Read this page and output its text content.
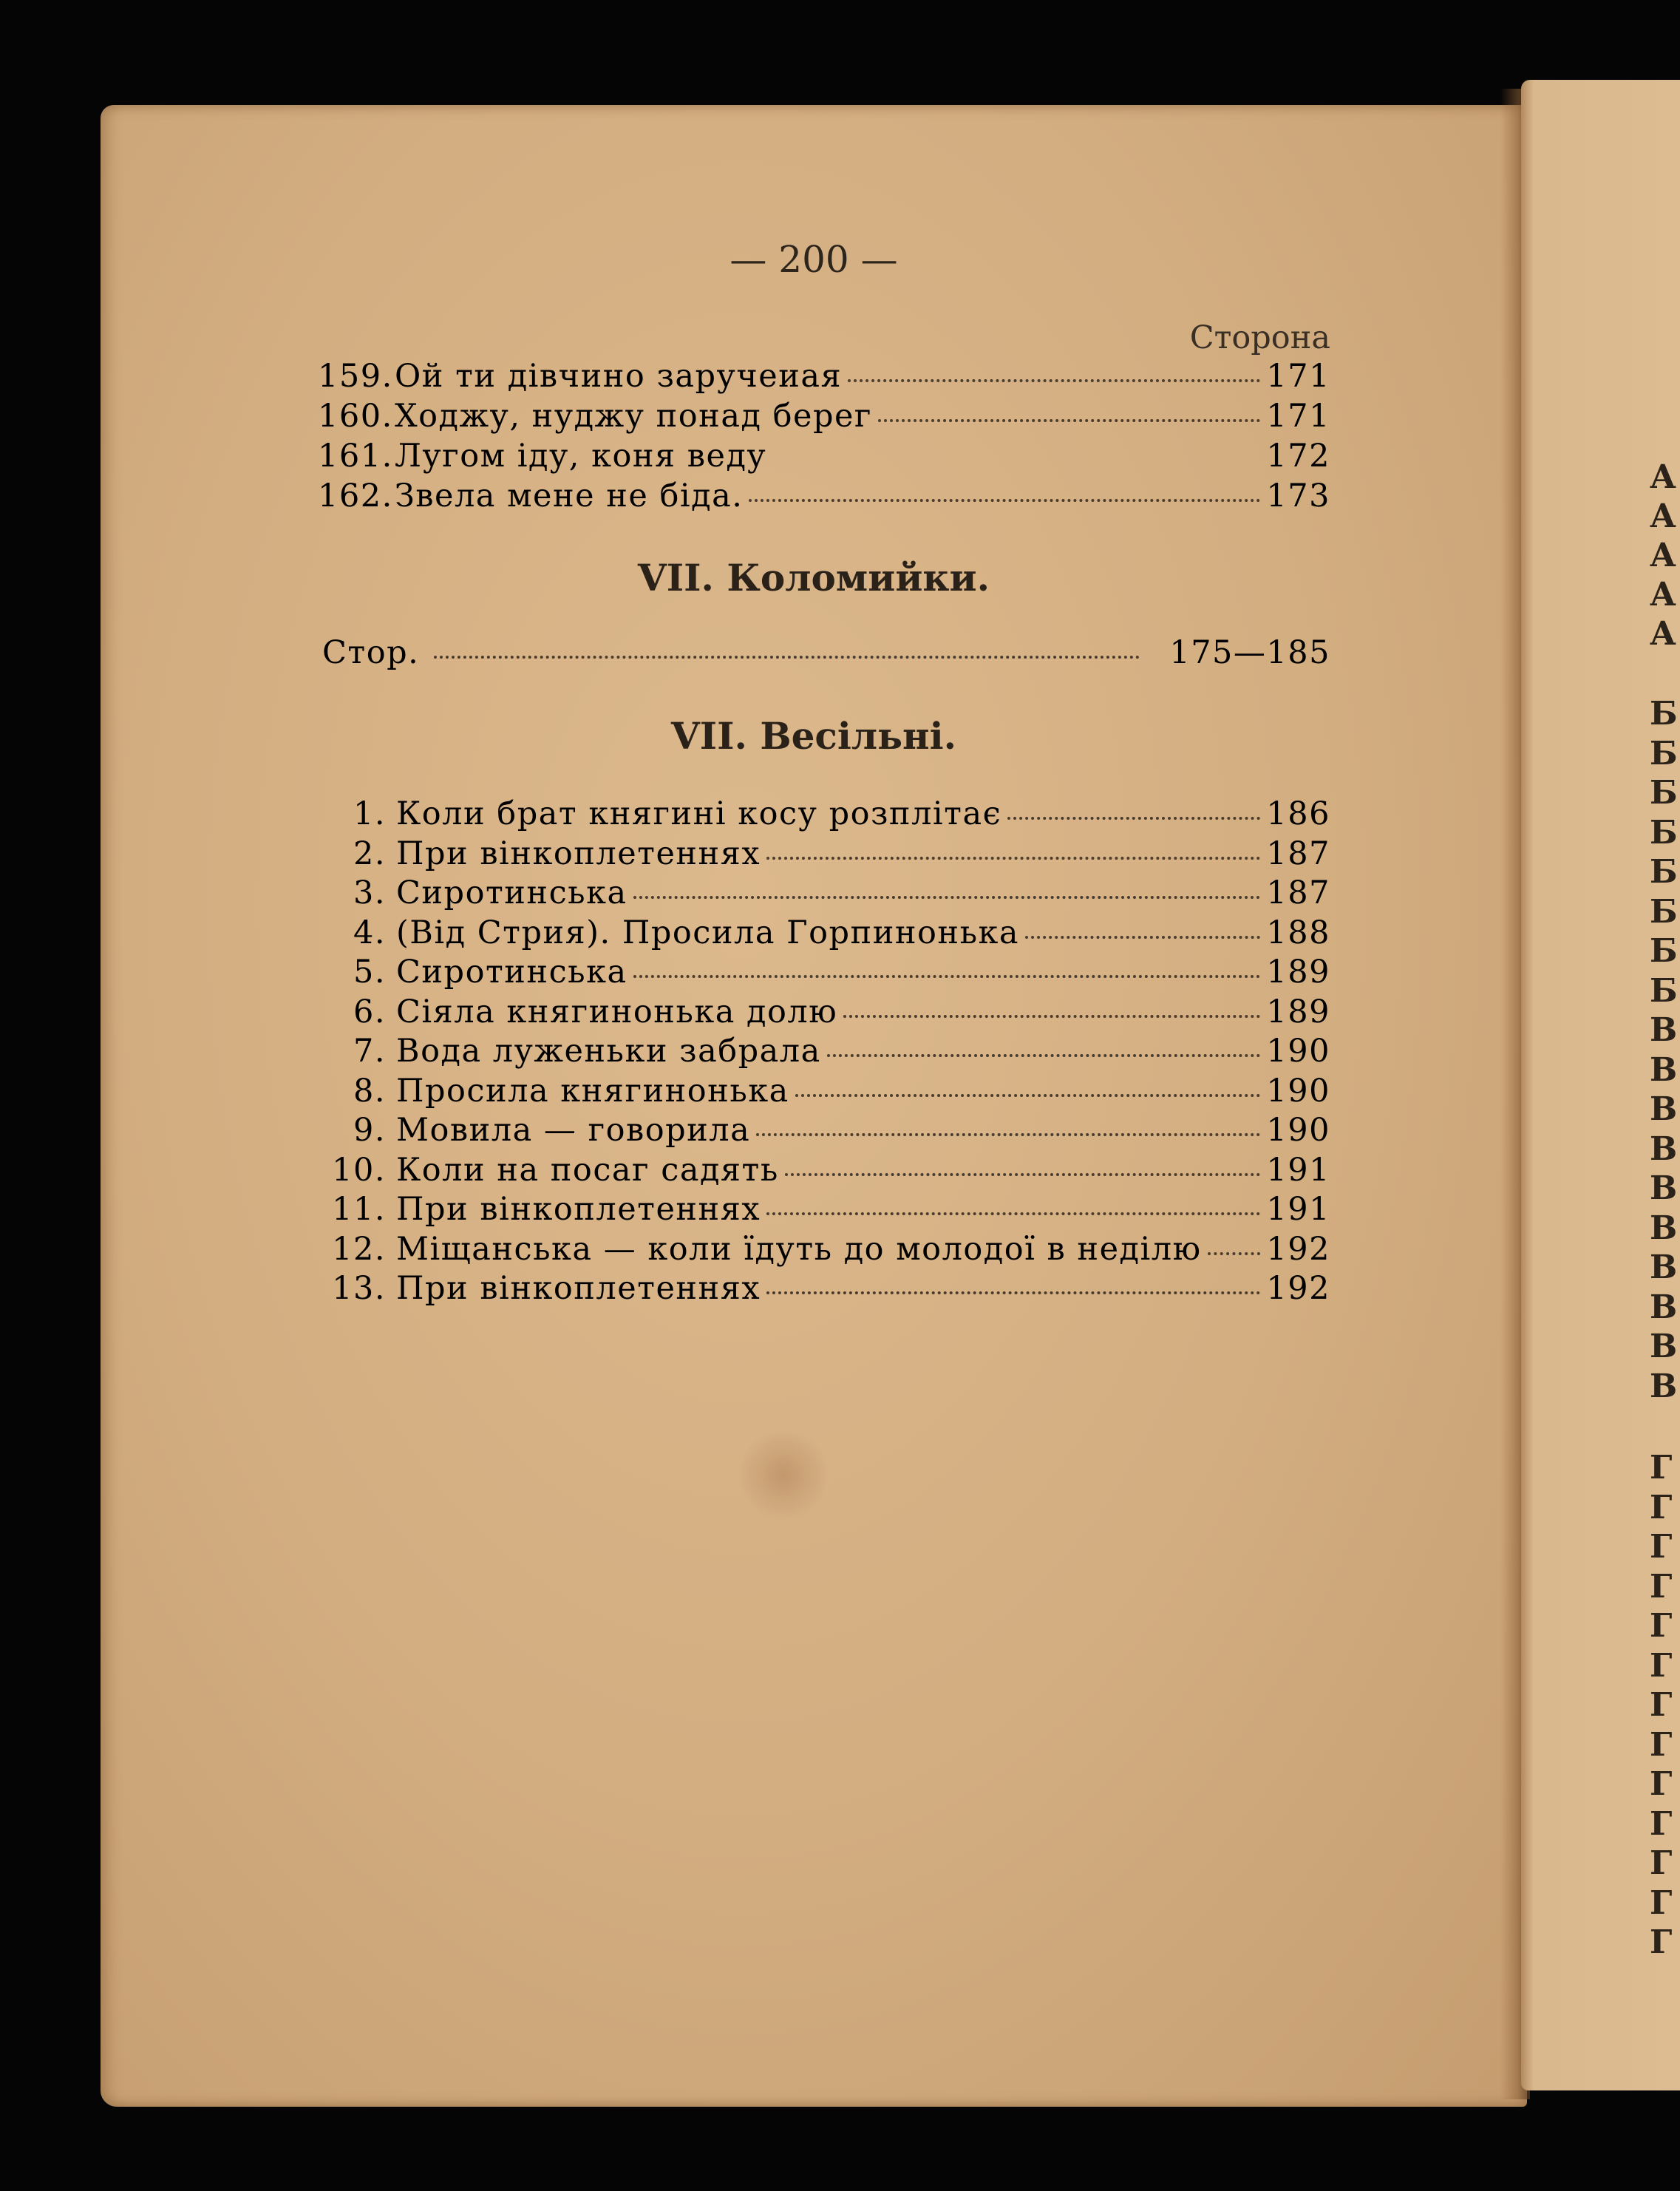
— 200 —
Сторона
159. Ой ти дівчино заручеиая	171
160. Ходжу, нуджу понад берег	171
161. Лугом іду, коня веду	172
162. Звела мене не біда.	173
VII. Коломийки.
Стор.	175—185
VII. Весільні.
1. Коли брат княгині косу розплітає	186
2. При вінкоплетеннях	187
3. Сиротинська	187
4. (Від Стрия). Просила Горпинонька	188
5. Сиротинська	189
6. Сіяла княгинонька долю	189
7. Вода луженьки забрала	190
8. Просила княгинонька	190
9. Мовила — говорила	190
10. Коли на посаг садять	191
11. При вінкоплетеннях	191
12. Міщанська — коли їдуть до молодої в неділю 192
13. При вінкоплетеннях	192
А
А
А
А
А
Б
Б
Б
Б
Б
Б
Б
Б
В
В
В
В
В
В
В
В
В
В
Г
Г
Г
Г
Г
Г
Г
Г
Г
Г
Г
Г
Г
